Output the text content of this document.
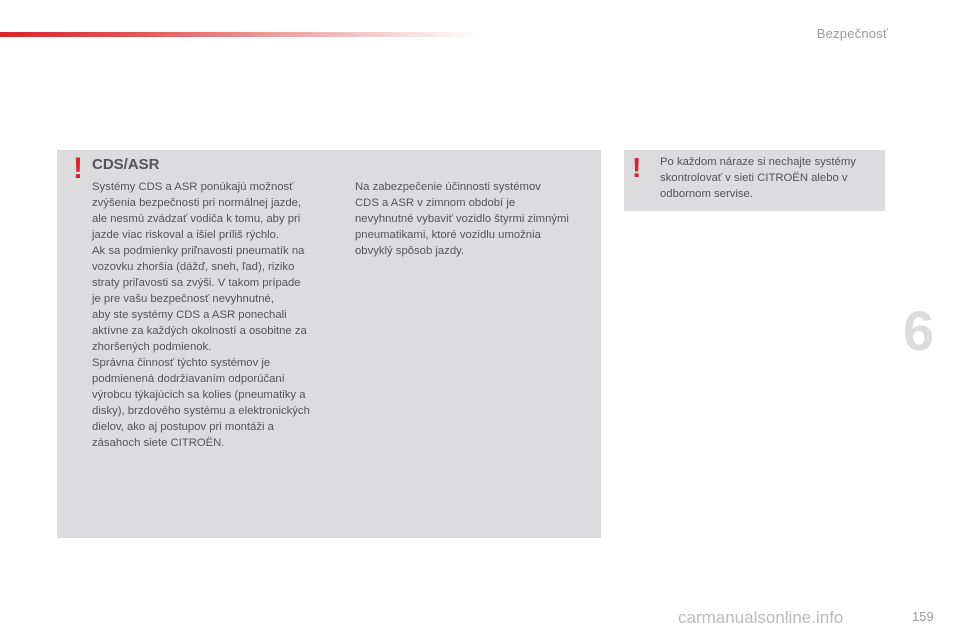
Bezpečnosť
! CDS/ASR
Systémy CDS a ASR ponúkajú možnosť
zvýšenia bezpečnosti pri normálnej jazde,
ale nesmú zvádzať vodiča k tomu, aby pri
jazde viac riskoval a išiel príliš rýchlo.
Ak sa podmienky priľnavosti pneumatík na
vozovku zhoršia (dážď, sneh, ľad), riziko
straty priľavosti sa zvýši. V takom prípade
je pre vašu bezpečnosť nevyhnutné,
aby ste systémy CDS a ASR ponechali
aktívne za každých okolností a osobitne za
zhoršených podmienok.
Správna činnosť týchto systémov je
podmienená dodržiavaním odporúčaní
výrobcu týkajúcich sa kolies (pneumatiky a
disky), brzdového systému a elektronických
dielov, ako aj postupov pri montáži a
zásahoch siete CITROËN.
Na zabezpečenie účinnosti systémov
CDS a ASR v zimnom období je
nevyhnutné vybaviť vozidlo štyrmi zimnými
pneumatikami, ktoré vozidlu umožnia
obvyklý spôsob jazdy.
! Po každom náraze si nechajte systémy
skontrolovať v sieti CITROËN alebo v
odbornom servise.
6
carmanualsonline.info	159
